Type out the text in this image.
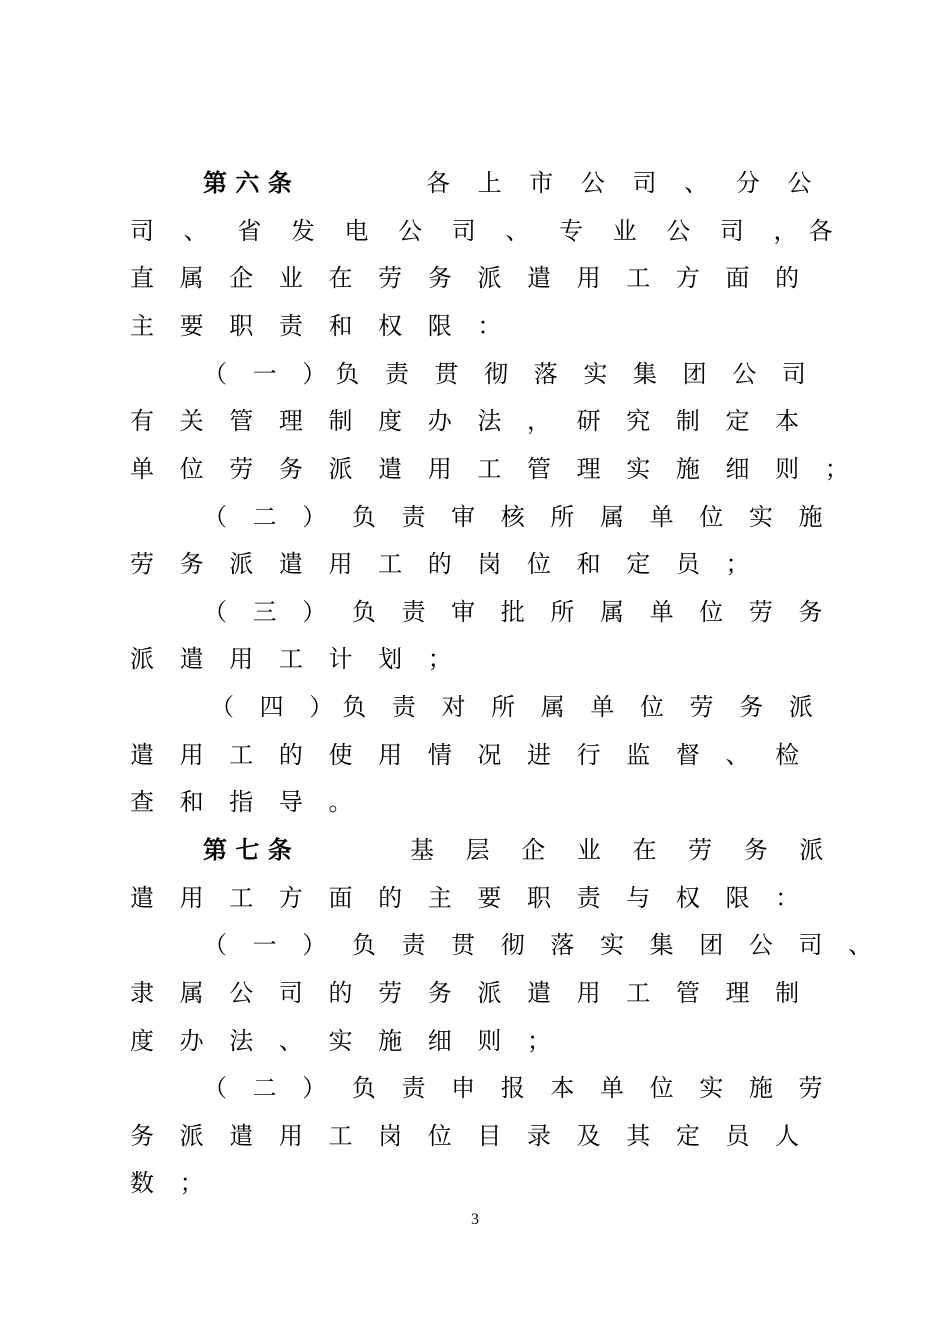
第 六 条	各 上 市 公 司 、 分 公
司 、 省 发 电 公 司 、 专 业 公 司 ，各
直 属 企 业 在 劳 务 派 遣 用 工 方 面 的
主 要 职 责 和 权 限 ：
（ 一 ）负 责 贯 彻 落 实 集 团 公 司
有 关 管 理 制 度 办 法 ， 研 究 制 定 本
单 位 劳 务 派 遣 用 工 管 理 实 施 细 则 ；
（ 二 ） 负 责 审 核 所 属 单 位 实 施
劳 务 派 遣 用 工 的 岗 位 和 定 员 ；
（ 三 ） 负 责 审 批 所 属 单 位 劳 务
派 遣 用 工 计 划 ；
（ 四 ）负 责 对 所 属 单 位 劳 务 派
遣 用 工 的 使 用 情 况 进 行 监 督 、 检
查 和 指 导 。
第 七 条	基 层 企 业 在 劳 务 派
遣 用 工 方 面 的 主 要 职 责 与 权 限 ：
（ 一 ） 负 责 贯 彻 落 实 集 团 公 司 、
隶 属 公 司 的 劳 务 派 遣 用 工 管 理 制
度 办 法 、 实 施 细 则 ；
（ 二 ） 负 责 申 报 本 单 位 实 施 劳
务 派 遣 用 工 岗 位 目 录 及 其 定 员 人
数 ；
3
